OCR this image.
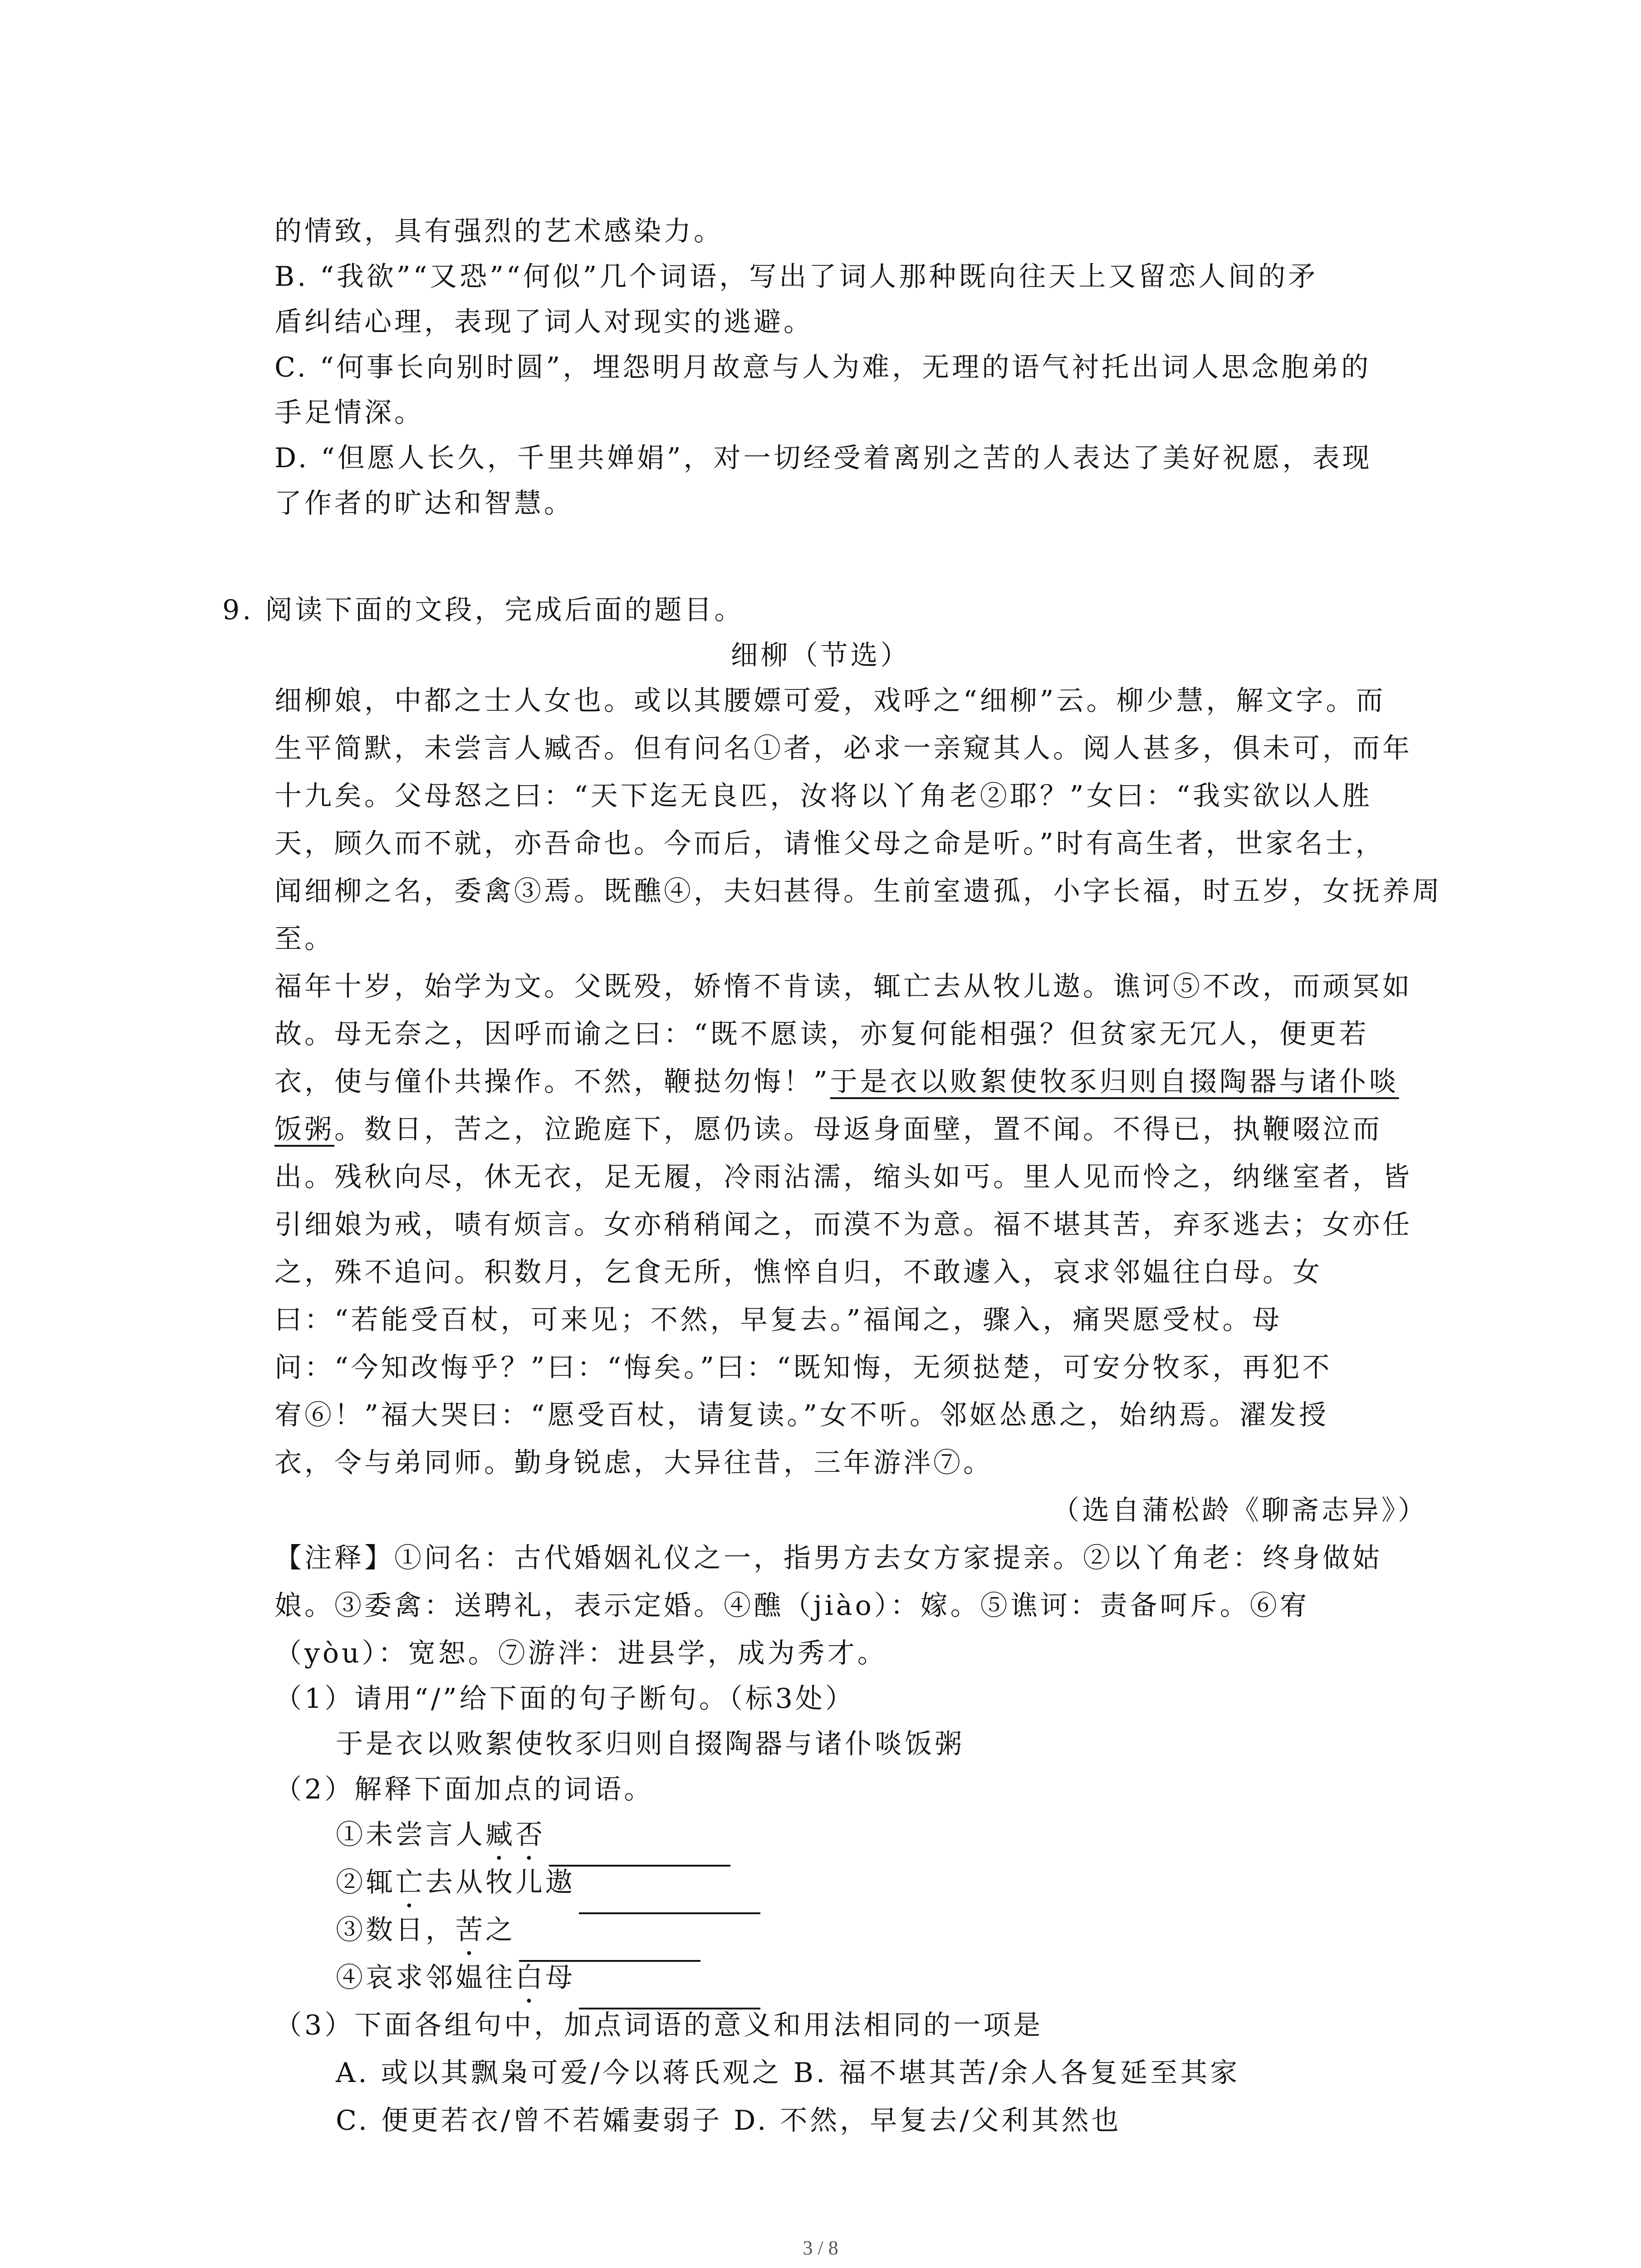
的情致，具有强烈的艺术感染力。
B. “我欲”“又恐”“何似”几个词语，写出了词人那种既向往天上又留恋人间的矛
盾纠结心理，表现了词人对现实的逃避。
C. “何事长向别时圆”，埋怨明月故意与人为难，无理的语气衬托出词人思念胞弟的
手足情深。
D. “但愿人长久，千里共婵娟”，对一切经受着离别之苦的人表达了美好祝愿，表现
了作者的旷达和智慧。
9. 阅读下面的文段，完成后面的题目。
细柳（节选）
细柳娘，中都之士人女也。或以其腰嫖可爱，戏呼之“细柳”云。柳少慧，解文字。而
生平简默，未尝言人臧否。但有问名①者，必求一亲窥其人。阅人甚多，俱未可，而年
十九矣。父母怒之曰：“天下迄无良匹，汝将以丫角老②耶？”女曰：“我实欲以人胜
天，顾久而不就，亦吾命也。今而后，请惟父母之命是听。”时有高生者，世家名士，
闻细柳之名，委禽③焉。既醮④，夫妇甚得。生前室遗孤，小字长福，时五岁，女抚养周
至。
福年十岁，始学为文。父既殁，娇惰不肯读，辄亡去从牧儿遨。谯诃⑤不改，而顽冥如
故。母无奈之，因呼而谕之曰：“既不愿读，亦复何能相强？但贫家无冗人，便更若
衣，使与僮仆共操作。不然，鞭挞勿悔！”于是衣以败絮使牧豕归则自掇陶器与诸仆啖
饭粥。数日，苦之，泣跪庭下，愿仍读。母返身面壁，置不闻。不得已，执鞭啜泣而
出。残秋向尽，休无衣，足无履，冷雨沾濡，缩头如丐。里人见而怜之，纳继室者，皆
引细娘为戒，啧有烦言。女亦稍稍闻之，而漠不为意。福不堪其苦，弃豕逃去；女亦任
之，殊不追问。积数月，乞食无所，憔悴自归，不敢遽入，哀求邻媪往白母。女
曰：“若能受百杖，可来见；不然，早复去。”福闻之，骤入，痛哭愿受杖。母
问：“今知改悔乎？”曰：“悔矣。”曰：“既知悔，无须挞楚，可安分牧豕，再犯不
宥⑥！”福大哭曰：“愿受百杖，请复读。”女不听。邻妪怂恿之，始纳焉。濯发授
衣，令与弟同师。勤身锐虑，大异往昔，三年游泮⑦。
（选自蒲松龄《聊斋志异》）
【注释】①问名：古代婚姻礼仪之一，指男方去女方家提亲。②以丫角老：终身做姑
娘。③委禽：送聘礼，表示定婚。④醮（jiào）：嫁。⑤谯诃：责备呵斥。⑥宥
（yòu）：宽恕。⑦游泮：进县学，成为秀才。
（1）请用“/”给下面的句子断句。（标3处）
于是衣以败絮使牧豕归则自掇陶器与诸仆啖饭粥
（2）解释下面加点的词语。
①未尝言人臧否
②辄亡去从牧儿遨
③数日，苦之
④哀求邻媪往白母
（3）下面各组句中，加点词语的意义和用法相同的一项是
A. 或以其飘枭可爱/今以蒋氏观之 B. 福不堪其苦/余人各复延至其家
C. 便更若衣/曾不若孀妻弱子 D. 不然，早复去/父利其然也
3 / 8
